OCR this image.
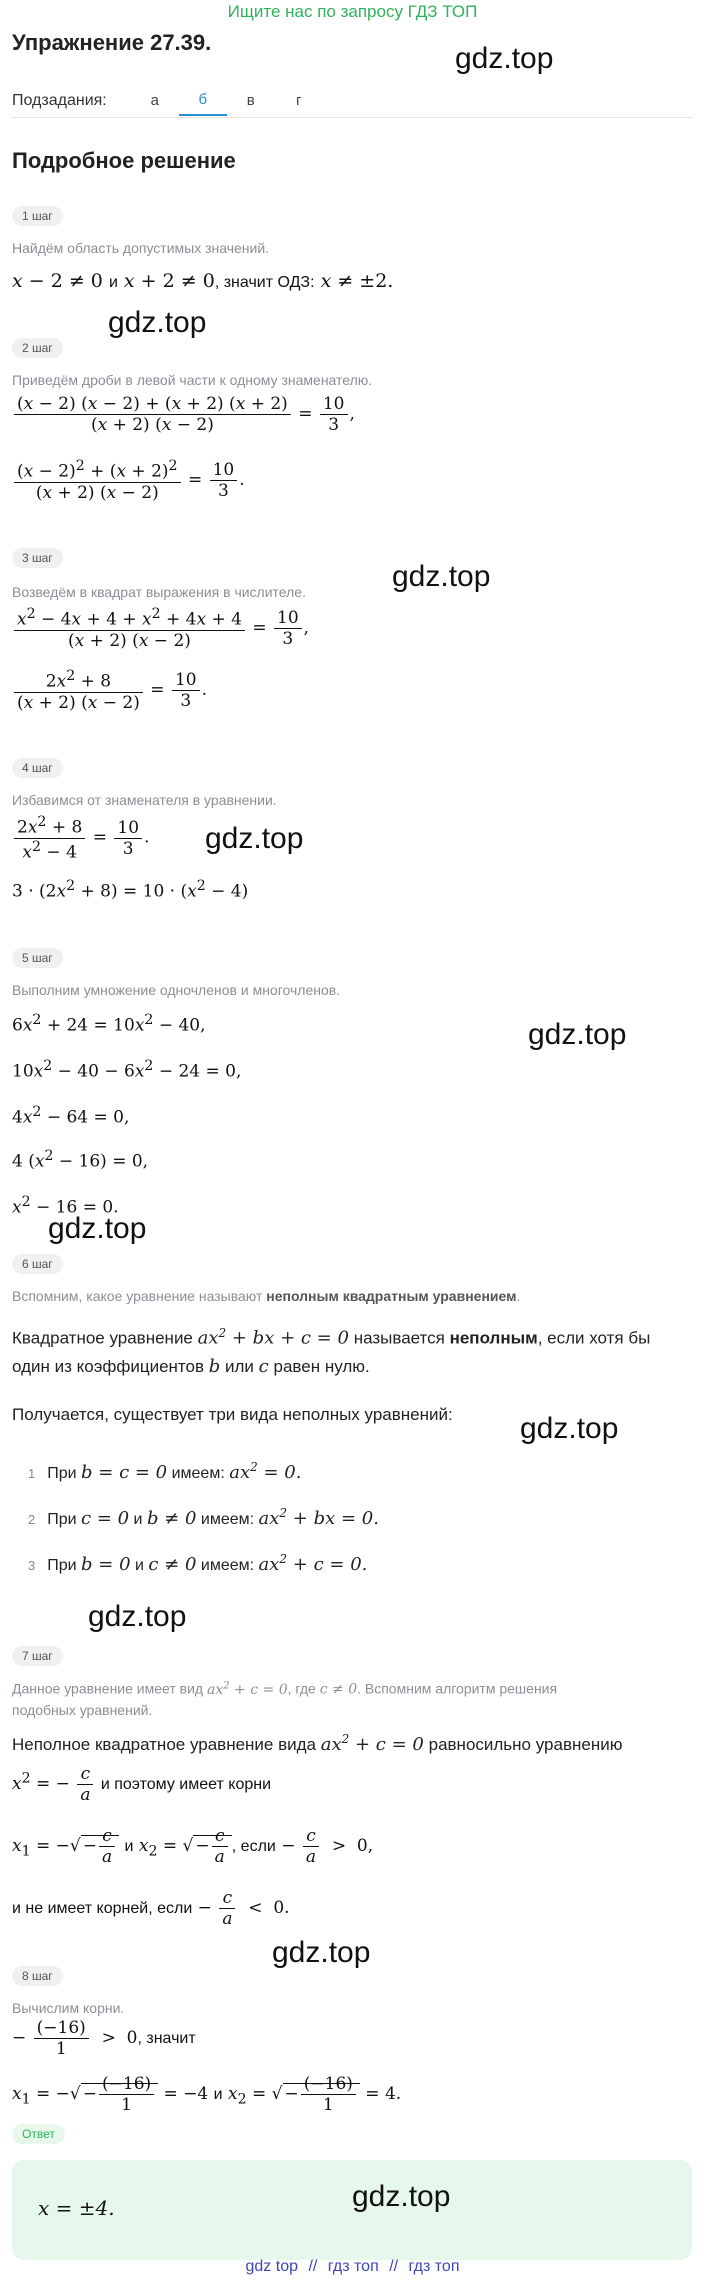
Ищите нас по запросу ГДЗ ТОП
Упражнение 27.39.	gdz.top
Подзадания:	а	б	в	г
Подробное решение
1 шаг
Найдём область допустимых значений.
x − 2 ≠ 0 и x + 2 ≠ 0, значит ОДЗ: x ≠ ±2.
gdz.top
2 шаг
Приведём дроби в левой части к одному знаменателю.
$\frac{(x - 2) (x - 2) + (x + 2) (x + 2)}{(x + 2) (x - 2)} = \frac{10}{3}$ ,
$\frac{(x - 2)^2 + (x + 2)^2}{(x + 2) (x - 2)} = \frac{10}{3}$ .
3 шаг
gdz.top
Возведём в квадрат выражения в числителе.
$\frac{x^2 - 4x + 4 + x^2 + 4x + 4}{(x + 2) (x - 2)} = \frac{10}{3}$ ,
$\frac{2x^2 + 8}{(x + 2) (x - 2)} = \frac{10}{3}$ .
4 шаг
Избавимся от знаменателя в уравнении.
$\frac{2x^2 + 8}{x^2 - 4} = \frac{10}{3}$ . gdz.top
$3 \cdot (2x^2 + 8) = 10 \cdot (x^2 - 4)$
5 шаг
Выполним умножение одночленов и многочленов.
$6x^2 + 24 = 10x^2 - 40$,	gdz.top
$10x^2 - 40 - 6x^2 - 24 = 0$,
$4x^2 - 64 = 0$,
4 $(x^2 - 16) = 0$,
$x^2 - 16 = 0$.
gdz.top
6 шаг
Вспомним, какое уравнение называют неполным квадратным уравнением.
Квадратное уравнение $ax^2$ + bx + c = 0 называется неполным, если хотя бы
один из коэффициентов b или c равен нулю.
Получается, существует три вида неполных уравнений: gdz.top
1 При b = c = 0 имеем: $ax^2 = 0$.
2 При c = 0 и b ≠ 0 имеем: $ax^2$ + bx = 0.
3 При b = 0 и c ≠ 0 имеем: $ax^2 + c = 0$.
gdz.top
7 шаг
Данное уравнение имеет вид $ax^2 + c = 0$, где c ≠ 0. Вспомним алгоритм решения
подобных уравнений.
Неполное квадратное уравнение вида $ax^2 + c = 0$ равносильно уравнению
$x^2$ = − $\frac{c}{a}$ и поэтому имеет корни
$x_1$ = −√ − $\frac{c}{a}$ и $x_2$ = √ − $\frac{c}{a}$ , если − $\frac{c}{a} > 0$,
и не имеет корней, если − $\frac{c}{a} < 0$.
gdz.top
8 шаг
Вычислим корни.
− $\frac{(-16)}{1} > 0$, значит
$x_1$ = −√ − $\frac{(-16)}{1} = -4$ и $x_2$ = √ − $\frac{(-16)}{1} = 4$.
Ответ
x = ±4.	gdz.top
gdz top // гдз топ // гдз топ
